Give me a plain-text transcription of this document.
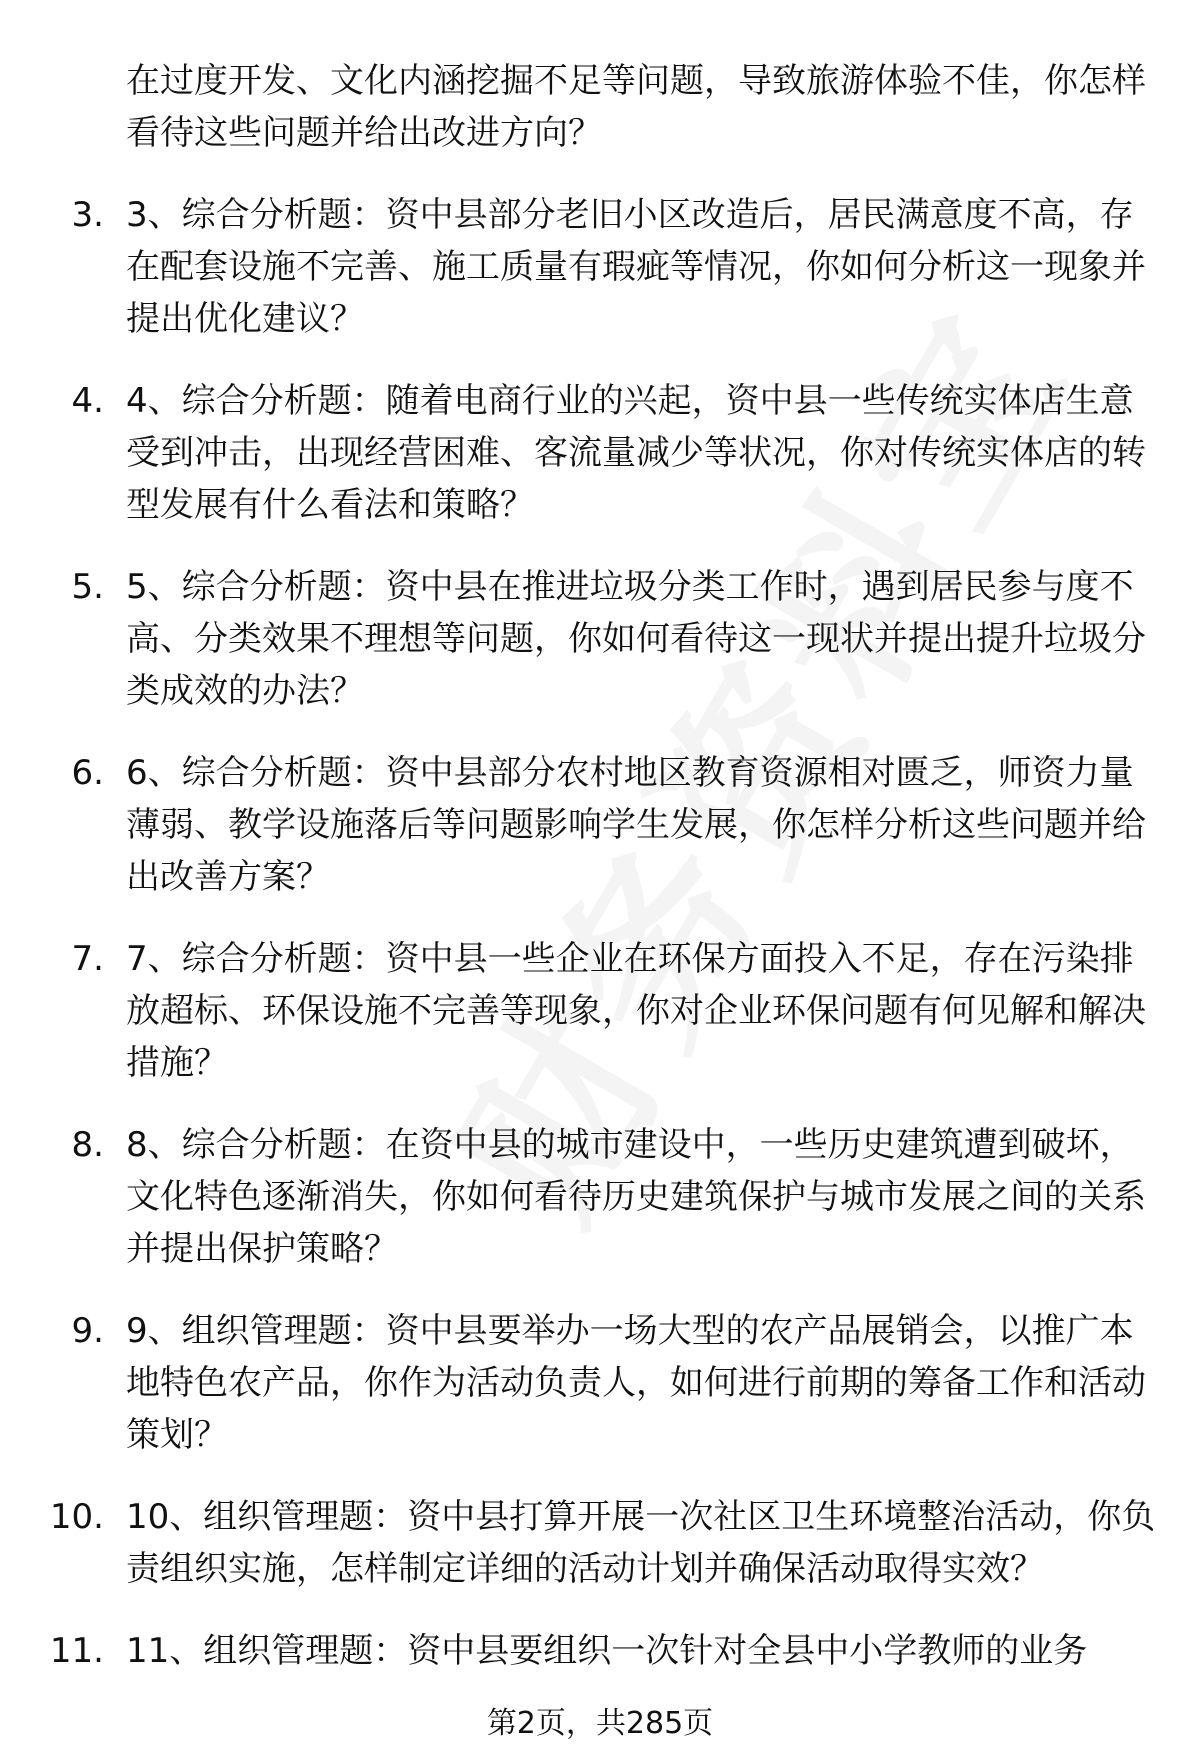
在过度开发、文化内涵挖掘不足等问题，导致旅游体验不佳，你怎样看待这些问题并给出改进方向？
3. 3、综合分析题：资中县部分老旧小区改造后，居民满意度不高，存在配套设施不完善、施工质量有瑕疵等情况，你如何分析这一现象并提出优化建议？
4. 4、综合分析题：随着电商行业的兴起，资中县一些传统实体店生意受到冲击，出现经营困难、客流量减少等状况，你对传统实体店的转型发展有什么看法和策略？
5. 5、综合分析题：资中县在推进垃圾分类工作时，遇到居民参与度不高、分类效果不理想等问题，你如何看待这一现状并提出提升垃圾分类成效的办法？
6. 6、综合分析题：资中县部分农村地区教育资源相对匮乏，师资力量薄弱、教学设施落后等问题影响学生发展，你怎样分析这些问题并给出改善方案？
7. 7、综合分析题：资中县一些企业在环保方面投入不足，存在污染排放超标、环保设施不完善等现象，你对企业环保问题有何见解和解决措施？
8. 8、综合分析题：在资中县的城市建设中，一些历史建筑遭到破坏，文化特色逐渐消失，你如何看待历史建筑保护与城市发展之间的关系并提出保护策略？
9. 9、组织管理题：资中县要举办一场大型的农产品展销会，以推广本地特色农产品，你作为活动负责人，如何进行前期的筹备工作和活动策划？
10. 10、组织管理题：资中县打算开展一次社区卫生环境整治活动，你负责组织实施，怎样制定详细的活动计划并确保活动取得实效？
11. 11、组织管理题：资中县要组织一次针对全县中小学教师的业务
第2页，共285页
